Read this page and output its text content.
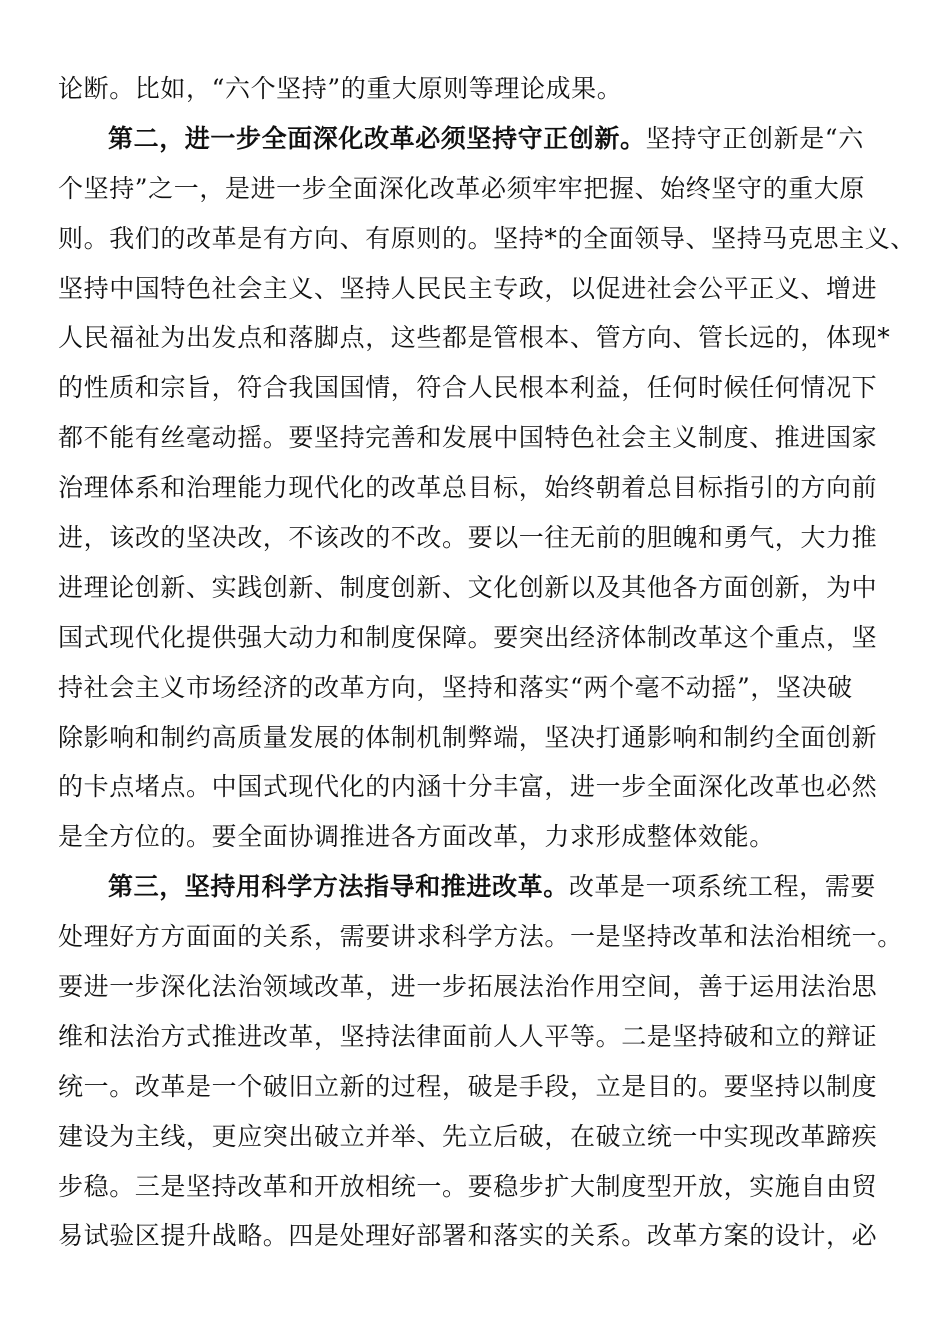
论断。比如，“六个坚持”的重大原则等理论成果。
第二，进一步全面深化改革必须坚持守正创新。坚持守正创新是“六
个坚持”之一，是进一步全面深化改革必须牢牢把握、始终坚守的重大原
则。我们的改革是有方向、有原则的。坚持*的全面领导、坚持马克思主义、
坚持中国特色社会主义、坚持人民民主专政，以促进社会公平正义、增进
人民福祉为出发点和落脚点，这些都是管根本、管方向、管长远的，体现*
的性质和宗旨，符合我国国情，符合人民根本利益，任何时候任何情况下
都不能有丝毫动摇。要坚持完善和发展中国特色社会主义制度、推进国家
治理体系和治理能力现代化的改革总目标，始终朝着总目标指引的方向前
进，该改的坚决改，不该改的不改。要以一往无前的胆魄和勇气，大力推
进理论创新、实践创新、制度创新、文化创新以及其他各方面创新，为中
国式现代化提供强大动力和制度保障。要突出经济体制改革这个重点，坚
持社会主义市场经济的改革方向，坚持和落实“两个毫不动摇”，坚决破
除影响和制约高质量发展的体制机制弊端，坚决打通影响和制约全面创新
的卡点堵点。中国式现代化的内涵十分丰富，进一步全面深化改革也必然
是全方位的。要全面协调推进各方面改革，力求形成整体效能。
第三，坚持用科学方法指导和推进改革。改革是一项系统工程，需要
处理好方方面面的关系，需要讲求科学方法。一是坚持改革和法治相统一。
要进一步深化法治领域改革，进一步拓展法治作用空间，善于运用法治思
维和法治方式推进改革，坚持法律面前人人平等。二是坚持破和立的辩证
统一。改革是一个破旧立新的过程，破是手段，立是目的。要坚持以制度
建设为主线，更应突出破立并举、先立后破，在破立统一中实现改革蹄疾
步稳。三是坚持改革和开放相统一。要稳步扩大制度型开放，实施自由贸
易试验区提升战略。四是处理好部署和落实的关系。改革方案的设计，必
